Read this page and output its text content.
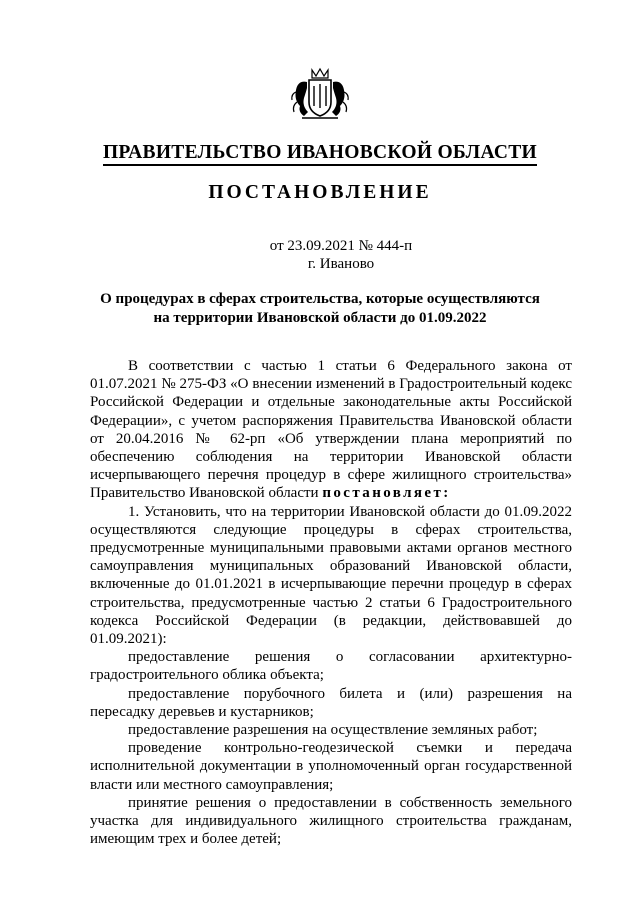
ПРАВИТЕЛЬСТВО ИВАНОВСКОЙ ОБЛАСТИ
ПОСТАНОВЛЕНИЕ
от 23.09.2021 № 444-п
г. Иваново
О процедурах в сферах строительства, которые осуществляются
на территории Ивановской области до 01.09.2022

В соответствии с частью 1 статьи 6 Федерального закона от 01.07.2021 № 275-ФЗ «О внесении изменений в Градостроительный кодекс Российской Федерации и отдельные законодательные акты Российской Федерации», с учетом распоряжения Правительства Ивановской области от 20.04.2016 № 62-рп «Об утверждении плана мероприятий по обеспечению соблюдения на территории Ивановской области исчерпывающего перечня процедур в сфере жилищного строительства» Правительство Ивановской области постановляет:

1. Установить, что на территории Ивановской области до 01.09.2022 осуществляются следующие процедуры в сферах строительства, предусмотренные муниципальными правовыми актами органов местного самоуправления муниципальных образований Ивановской области, включенные до 01.01.2021 в исчерпывающие перечни процедур в сферах строительства, предусмотренные частью 2 статьи 6 Градостроительного кодекса Российской Федерации (в редакции, действовавшей до 01.09.2021):

предоставление решения о согласовании архитектурно-градостроительного облика объекта;

предоставление порубочного билета и (или) разрешения на пересадку деревьев и кустарников;

предоставление разрешения на осуществление земляных работ;

проведение контрольно-геодезической съемки и передача исполнительной документации в уполномоченный орган государственной власти или местного самоуправления;

принятие решения о предоставлении в собственность земельного участка для индивидуального жилищного строительства гражданам, имеющим трех и более детей;
